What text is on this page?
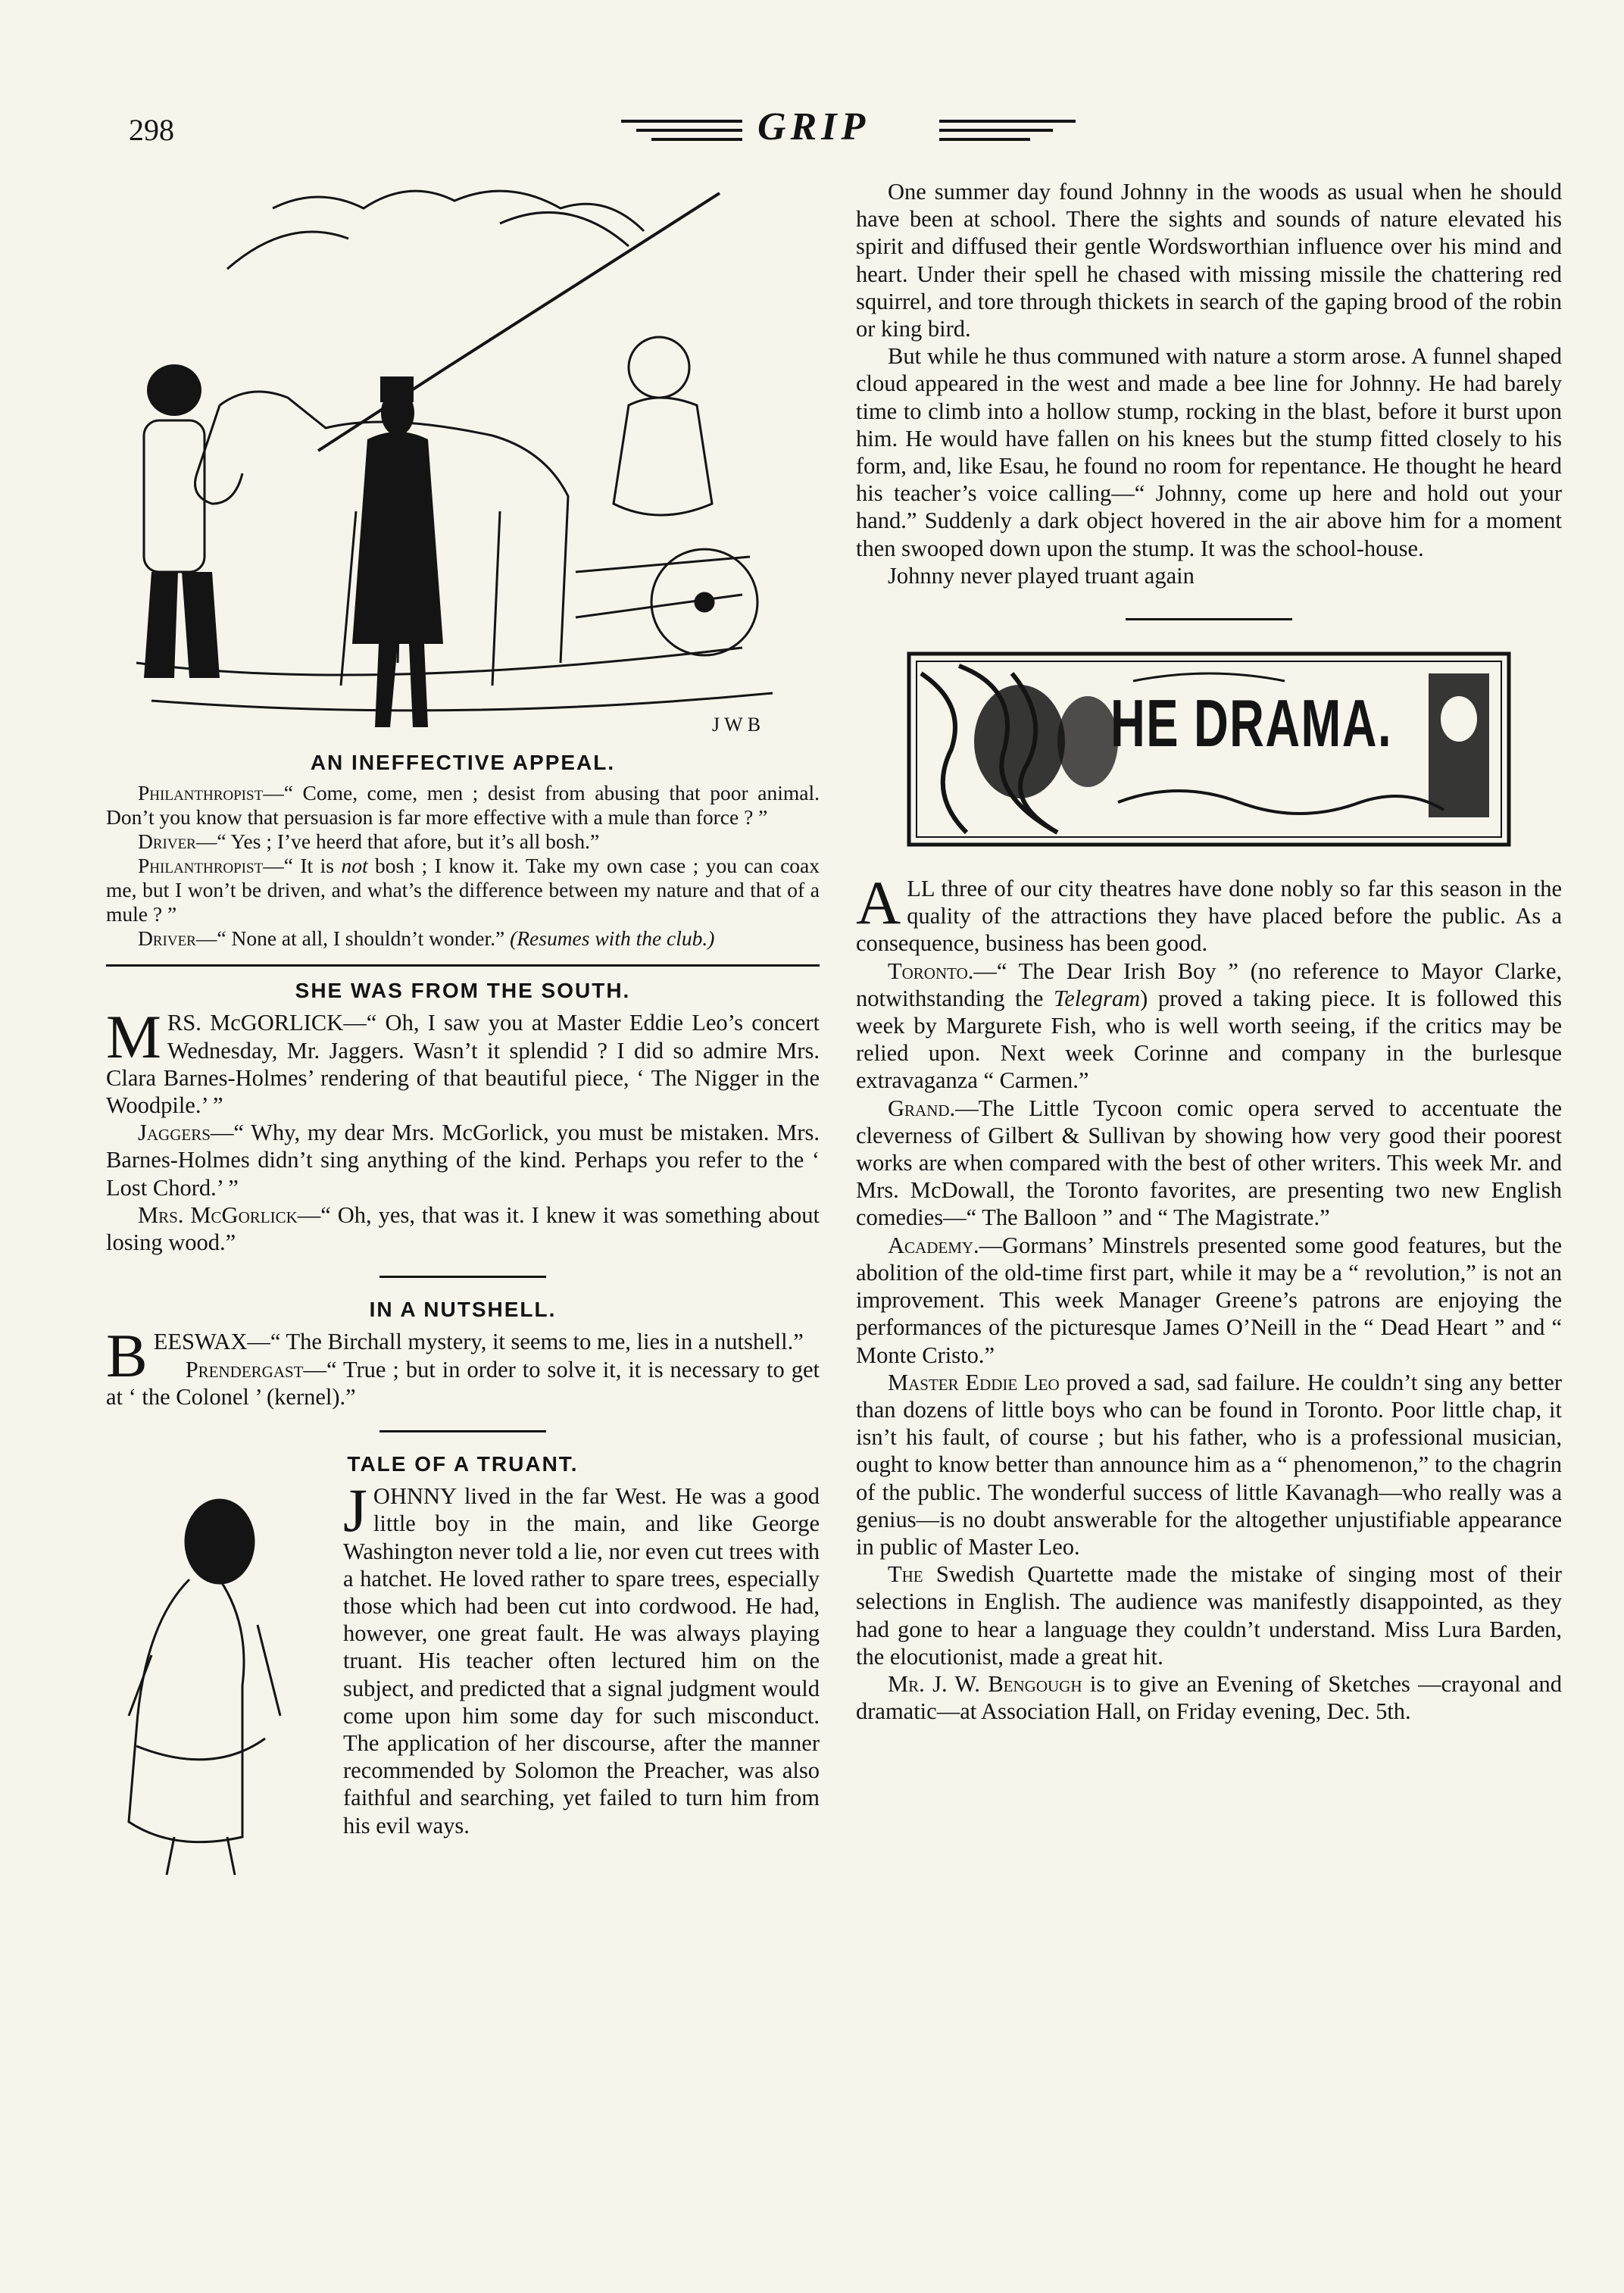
298	GRIP
J W B
AN INEFFECTIVE APPEAL.

Philanthropist—“ Come, come, men ; desist from abusing that poor animal. Don’t you know that persuasion is far more effective with a mule than force ? ”

Driver—“ Yes ; I’ve heerd that afore, but it’s all bosh.”

Philanthropist—“ It is not bosh ; I know it. Take my own case ; you can coax me, but I won’t be driven, and what’s the difference between my nature and that of a mule ? ”

Driver—“ None at all, I shouldn’t wonder.” (Resumes with the club.)

SHE WAS FROM THE SOUTH.

MRS. McGORLICK—“ Oh, I saw you at Master Eddie Leo’s concert Wednesday, Mr. Jaggers. Wasn’t it splendid ? I did so admire Mrs. Clara Barnes-Holmes’ rendering of that beautiful piece, ‘ The Nigger in the Woodpile.’ ”

Jaggers—“ Why, my dear Mrs. McGorlick, you must be mistaken. Mrs. Barnes-Holmes didn’t sing anything of the kind. Perhaps you refer to the ‘ Lost Chord.’ ”

Mrs. McGorlick—“ Oh, yes, that was it. I knew it was something about losing wood.”

IN A NUTSHELL.

BEESWAX—“ The Birchall mystery, it seems to me, lies in a nutshell.”

Prendergast—“ True ; but in order to solve it, it is necessary to get at ‘ the Colonel ’ (kernel).”

TALE OF A TRUANT.

JOHNNY lived in the far West. He was a good little boy in the main, and like George Washington never told a lie, nor even cut trees with a hatchet. He loved rather to spare trees, especially those which had been cut into cordwood. He had, however, one great fault. He was always playing truant. His teacher often lectured him on the subject, and predicted that a signal judgment would come upon him some day for such misconduct. The application of her discourse, after the manner recommended by Solomon the Preacher, was also faithful and searching, yet failed to turn him from his evil ways.

One summer day found Johnny in the woods as usual when he should have been at school. There the sights and sounds of nature elevated his spirit and diffused their gentle Wordsworthian influence over his mind and heart. Under their spell he chased with missing missile the chattering red squirrel, and tore through thickets in search of the gaping brood of the robin or king bird.

But while he thus communed with nature a storm arose. A funnel shaped cloud appeared in the west and made a bee line for Johnny. He had barely time to climb into a hollow stump, rocking in the blast, before it burst upon him. He would have fallen on his knees but the stump fitted closely to his form, and, like Esau, he found no room for repentance. He thought he heard his teacher’s voice calling—“ Johnny, come up here and hold out your hand.” Suddenly a dark object hovered in the air above him for a moment then swooped down upon the stump. It was the school-house.

Johnny never played truant again

HE DRAMA.

ALL three of our city theatres have done nobly so far this season in the quality of the attractions they have placed before the public. As a consequence, business has been good.

Toronto.—“ The Dear Irish Boy ” (no reference to Mayor Clarke, notwithstanding the Telegram) proved a taking piece. It is followed this week by Margurete Fish, who is well worth seeing, if the critics may be relied upon. Next week Corinne and company in the burlesque extravaganza “ Carmen.”

Grand.—The Little Tycoon comic opera served to accentuate the cleverness of Gilbert & Sullivan by showing how very good their poorest works are when compared with the best of other writers. This week Mr. and Mrs. McDowall, the Toronto favorites, are presenting two new English comedies—“ The Balloon ” and “ The Magistrate.”

Academy.—Gormans’ Minstrels presented some good features, but the abolition of the old-time first part, while it may be a “ revolution,” is not an improvement. This week Manager Greene’s patrons are enjoying the performances of the picturesque James O’Neill in the “ Dead Heart ” and “ Monte Cristo.”

Master Eddie Leo proved a sad, sad failure. He couldn’t sing any better than dozens of little boys who can be found in Toronto. Poor little chap, it isn’t his fault, of course ; but his father, who is a professional musician, ought to know better than announce him as a “ phenomenon,” to the chagrin of the public. The wonderful success of little Kavanagh—who really was a genius—is no doubt answerable for the altogether unjustifiable appearance in public of Master Leo.

The Swedish Quartette made the mistake of singing most of their selections in English. The audience was manifestly disappointed, as they had gone to hear a language they couldn’t understand. Miss Lura Barden, the elocutionist, made a great hit.

Mr. J. W. Bengough is to give an Evening of Sketches —crayonal and dramatic—at Association Hall, on Friday evening, Dec. 5th.
